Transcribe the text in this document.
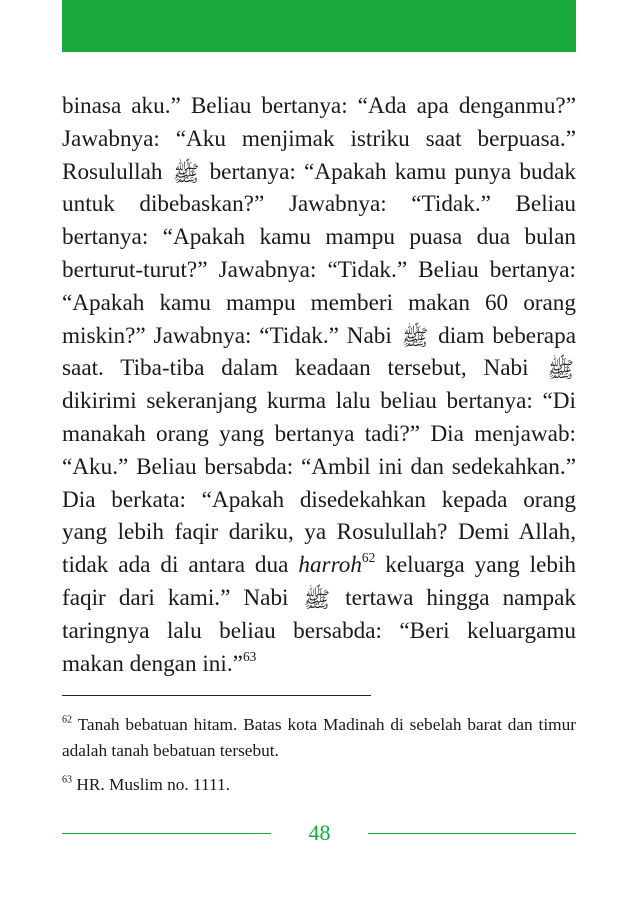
binasa aku.” Beliau bertanya: “Ada apa denganmu?” Jawabnya: “Aku menjimak istriku saat berpuasa.” Rosulullah ﷺ bertanya: “Apakah kamu punya budak untuk dibebaskan?” Jawabnya: “Tidak.” Beliau bertanya: “Apakah kamu mampu puasa dua bulan berturut-turut?” Jawabnya: “Tidak.” Beliau bertanya: “Apakah kamu mampu memberi makan 60 orang miskin?” Jawabnya: “Tidak.” Nabi ﷺ diam beberapa saat. Tiba-tiba dalam keadaan tersebut, Nabi ﷺ dikirimi sekeranjang kurma lalu beliau bertanya: “Di manakah orang yang bertanya tadi?” Dia menjawab: “Aku.” Beliau bersabda: “Ambil ini dan sedekahkan.” Dia berkata: “Apakah disedekahkan kepada orang yang lebih faqir dariku, ya Rosulullah? Demi Allah, tidak ada di antara dua harroh$^{62}$ keluarga yang lebih faqir dari kami.” Nabi ﷺ tertawa hingga nampak taringnya lalu beliau bersabda: “Beri keluargamu makan dengan ini.”$^{63}$

$^{62}$ Tanah bebatuan hitam. Batas kota Madinah di sebelah barat dan timur adalah tanah bebatuan tersebut.

$^{63}$ HR. Muslim no. 1111.

48
